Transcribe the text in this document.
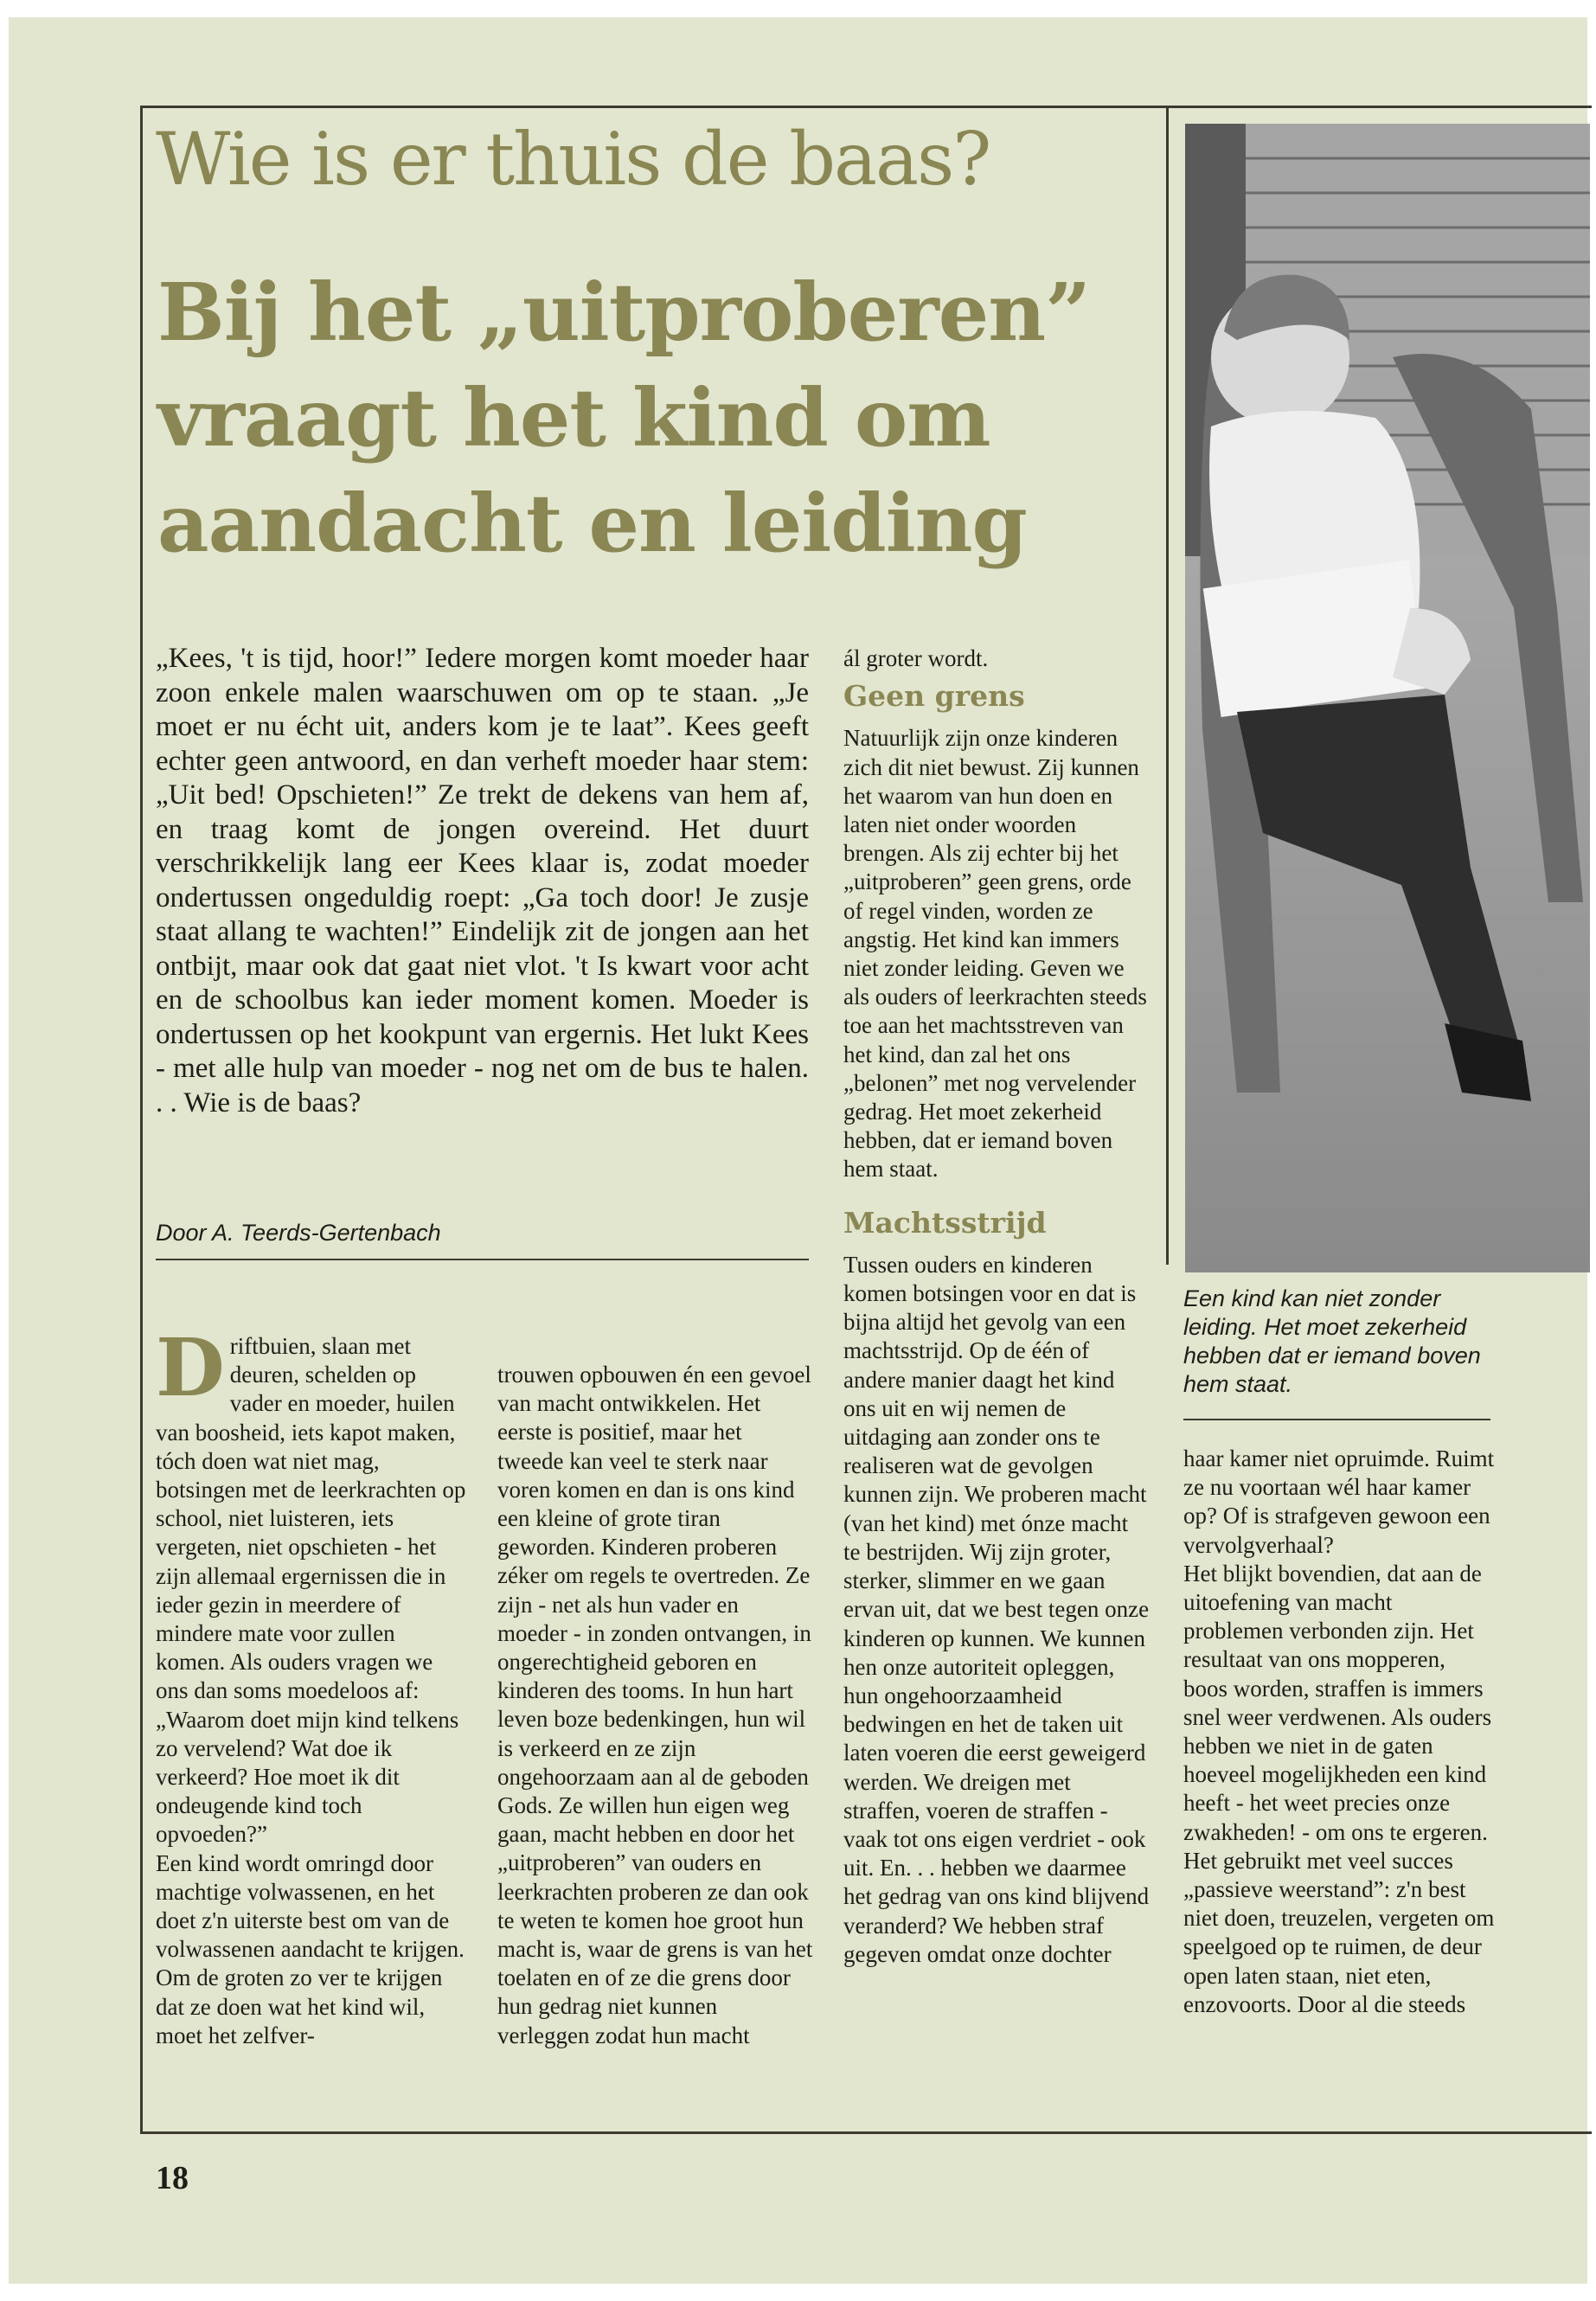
Wie is er thuis de baas?
Bij het „uitproberen”
vraagt het kind om
aandacht en leiding
„Kees, 't is tijd, hoor!” Iedere morgen komt moeder haar zoon enkele malen waarschuwen om op te staan. „Je moet er nu écht uit, anders kom je te laat”. Kees geeft echter geen antwoord, en dan verheft moeder haar stem: „Uit bed! Opschieten!” Ze trekt de dekens van hem af, en traag komt de jongen overeind. Het duurt verschrikkelijk lang eer Kees klaar is, zodat moeder ondertussen ongeduldig roept: „Ga toch door! Je zusje staat allang te wachten!” Eindelijk zit de jongen aan het ontbijt, maar ook dat gaat niet vlot. 't Is kwart voor acht en de schoolbus kan ieder moment komen. Moeder is ondertussen op het kookpunt van ergernis. Het lukt Kees - met alle hulp van moeder - nog net om de bus te halen. . . Wie is de baas?
Door A. Teerds-Gertenbach
D riftbuien, slaan met deuren, schelden op vader en moeder, huilen van boosheid, iets kapot maken, tóch doen wat niet mag, botsingen met de leerkrachten op school, niet luisteren, iets vergeten, niet opschieten - het zijn allemaal ergernissen die in ieder gezin in meerdere of mindere mate voor zullen komen. Als ouders vragen we ons dan soms moedeloos af: „Waarom doet mijn kind telkens zo vervelend? Wat doe ik verkeerd? Hoe moet ik dit ondeugende kind toch opvoeden?”

Een kind wordt omringd door machtige volwassenen, en het doet z'n uiterste best om van de volwassenen aandacht te krijgen. Om de groten zo ver te krijgen dat ze doen wat het kind wil, moet het zelfver-

trouwen opbouwen én een gevoel van macht ontwikkelen. Het eerste is positief, maar het tweede kan veel te sterk naar voren komen en dan is ons kind een kleine of grote tiran geworden. Kinderen proberen zéker om regels te overtreden. Ze zijn - net als hun vader en moeder - in zonden ontvangen, in ongerechtigheid geboren en kinderen des tooms. In hun hart leven boze bedenkingen, hun wil is verkeerd en ze zijn ongehoorzaam aan al de geboden Gods. Ze willen hun eigen weg gaan, macht hebben en door het „uitproberen” van ouders en leerkrachten proberen ze dan ook te weten te komen hoe groot hun macht is, waar de grens is van het toelaten en of ze die grens door hun gedrag niet kunnen verleggen zodat hun macht

ál groter wordt.

Geen grens

Natuurlijk zijn onze kinderen zich dit niet bewust. Zij kunnen het waarom van hun doen en laten niet onder woorden brengen. Als zij echter bij het „uitproberen” geen grens, orde of regel vinden, worden ze angstig. Het kind kan immers niet zonder leiding. Geven we als ouders of leerkrachten steeds toe aan het machtsstreven van het kind, dan zal het ons „belonen” met nog vervelender gedrag. Het moet zekerheid hebben, dat er iemand boven hem staat.

Machtsstrijd

Tussen ouders en kinderen komen botsingen voor en dat is bijna altijd het gevolg van een machtsstrijd. Op de één of andere manier daagt het kind ons uit en wij nemen de uitdaging aan zonder ons te realiseren wat de gevolgen kunnen zijn. We proberen macht (van het kind) met ónze macht te bestrijden. Wij zijn groter, sterker, slimmer en we gaan ervan uit, dat we best tegen onze kinderen op kunnen. We kunnen hen onze autoriteit opleggen, hun ongehoorzaamheid bedwingen en het de taken uit laten voeren die eerst geweigerd werden. We dreigen met straffen, voeren de straffen - vaak tot ons eigen verdriet - ook uit. En. . . hebben we daarmee het gedrag van ons kind blijvend veranderd? We hebben straf gegeven omdat onze dochter

Een kind kan niet zonder leiding. Het moet zekerheid hebben dat er iemand boven hem staat.

haar kamer niet opruimde. Ruimt ze nu voortaan wél haar kamer op? Of is strafgeven gewoon een vervolgverhaal?

Het blijkt bovendien, dat aan de uitoefening van macht problemen verbonden zijn. Het resultaat van ons mopperen, boos worden, straffen is immers snel weer verdwenen. Als ouders hebben we niet in de gaten hoeveel mogelijkheden een kind heeft - het weet precies onze zwakheden! - om ons te ergeren. Het gebruikt met veel succes „passieve weerstand”: z'n best niet doen, treuzelen, vergeten om speelgoed op te ruimen, de deur open laten staan, niet eten, enzovoorts. Door al die steeds

18
